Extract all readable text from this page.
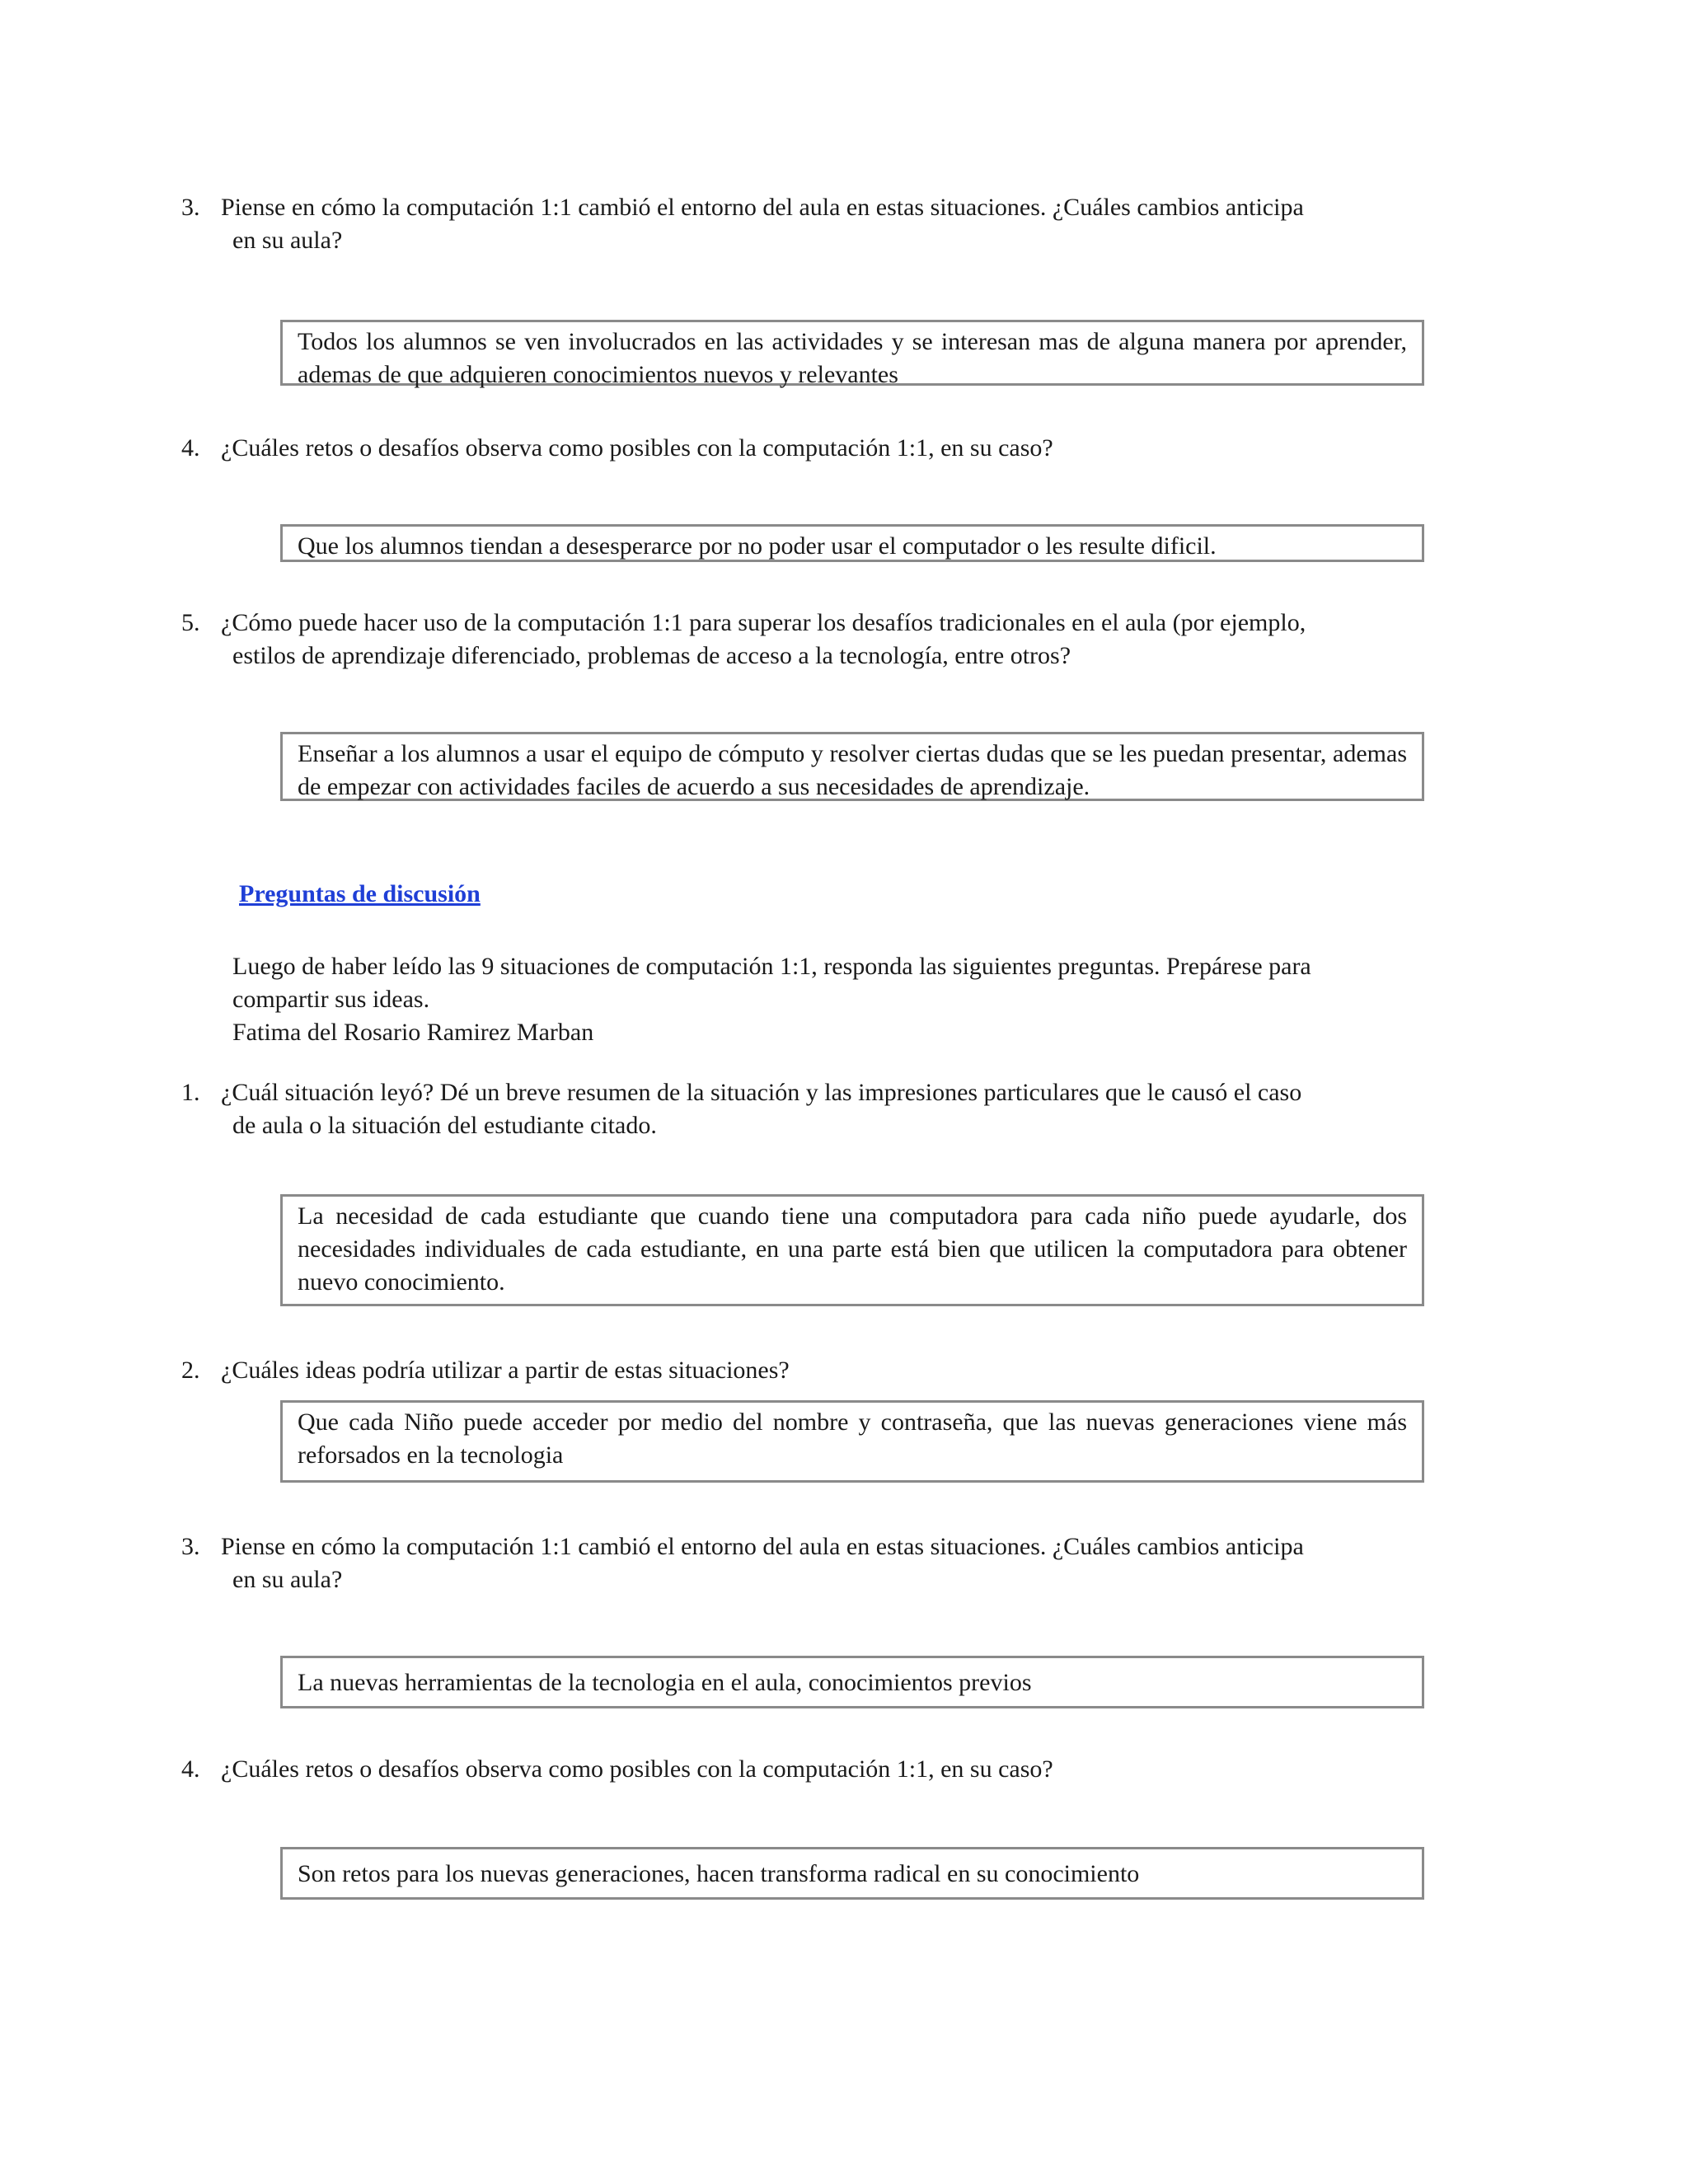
3. Piense en cómo la computación 1:1 cambió el entorno del aula en estas situaciones. ¿Cuáles cambios anticipa
en su aula?
Todos los alumnos se ven involucrados en las actividades y se interesan mas de alguna manera por aprender, ademas de que adquieren conocimientos nuevos y relevantes
4. ¿Cuáles retos o desafíos observa como posibles con la computación 1:1, en su caso?
Que los alumnos tiendan a desesperarce por no poder usar el computador o les resulte dificil.
5. ¿Cómo puede hacer uso de la computación 1:1 para superar los desafíos tradicionales en el aula (por ejemplo,
estilos de aprendizaje diferenciado, problemas de acceso a la tecnología, entre otros?
Enseñar a los alumnos a usar el equipo de cómputo y resolver ciertas dudas que se les puedan presentar, ademas de empezar con actividades faciles de acuerdo a sus necesidades de aprendizaje.
Preguntas de discusión
Luego de haber leído las 9 situaciones de computación 1:1, responda las siguientes preguntas. Prepárese para
compartir sus ideas.
Fatima del Rosario Ramirez Marban
1. ¿Cuál situación leyó? Dé un breve resumen de la situación y las impresiones particulares que le causó el caso
de aula o la situación del estudiante citado.
La necesidad de cada estudiante que cuando tiene una computadora para cada niño puede ayudarle, dos necesidades individuales de cada estudiante, en una parte está bien que utilicen la computadora para obtener nuevo conocimiento.
2. ¿Cuáles ideas podría utilizar a partir de estas situaciones?
Que cada Niño puede acceder por medio del nombre y contraseña, que las nuevas generaciones viene más reforsados en la tecnologia
3. Piense en cómo la computación 1:1 cambió el entorno del aula en estas situaciones. ¿Cuáles cambios anticipa
en su aula?
La nuevas herramientas de la tecnologia en el aula, conocimientos previos
4. ¿Cuáles retos o desafíos observa como posibles con la computación 1:1, en su caso?
Son retos para los nuevas generaciones, hacen transforma radical en su conocimiento
